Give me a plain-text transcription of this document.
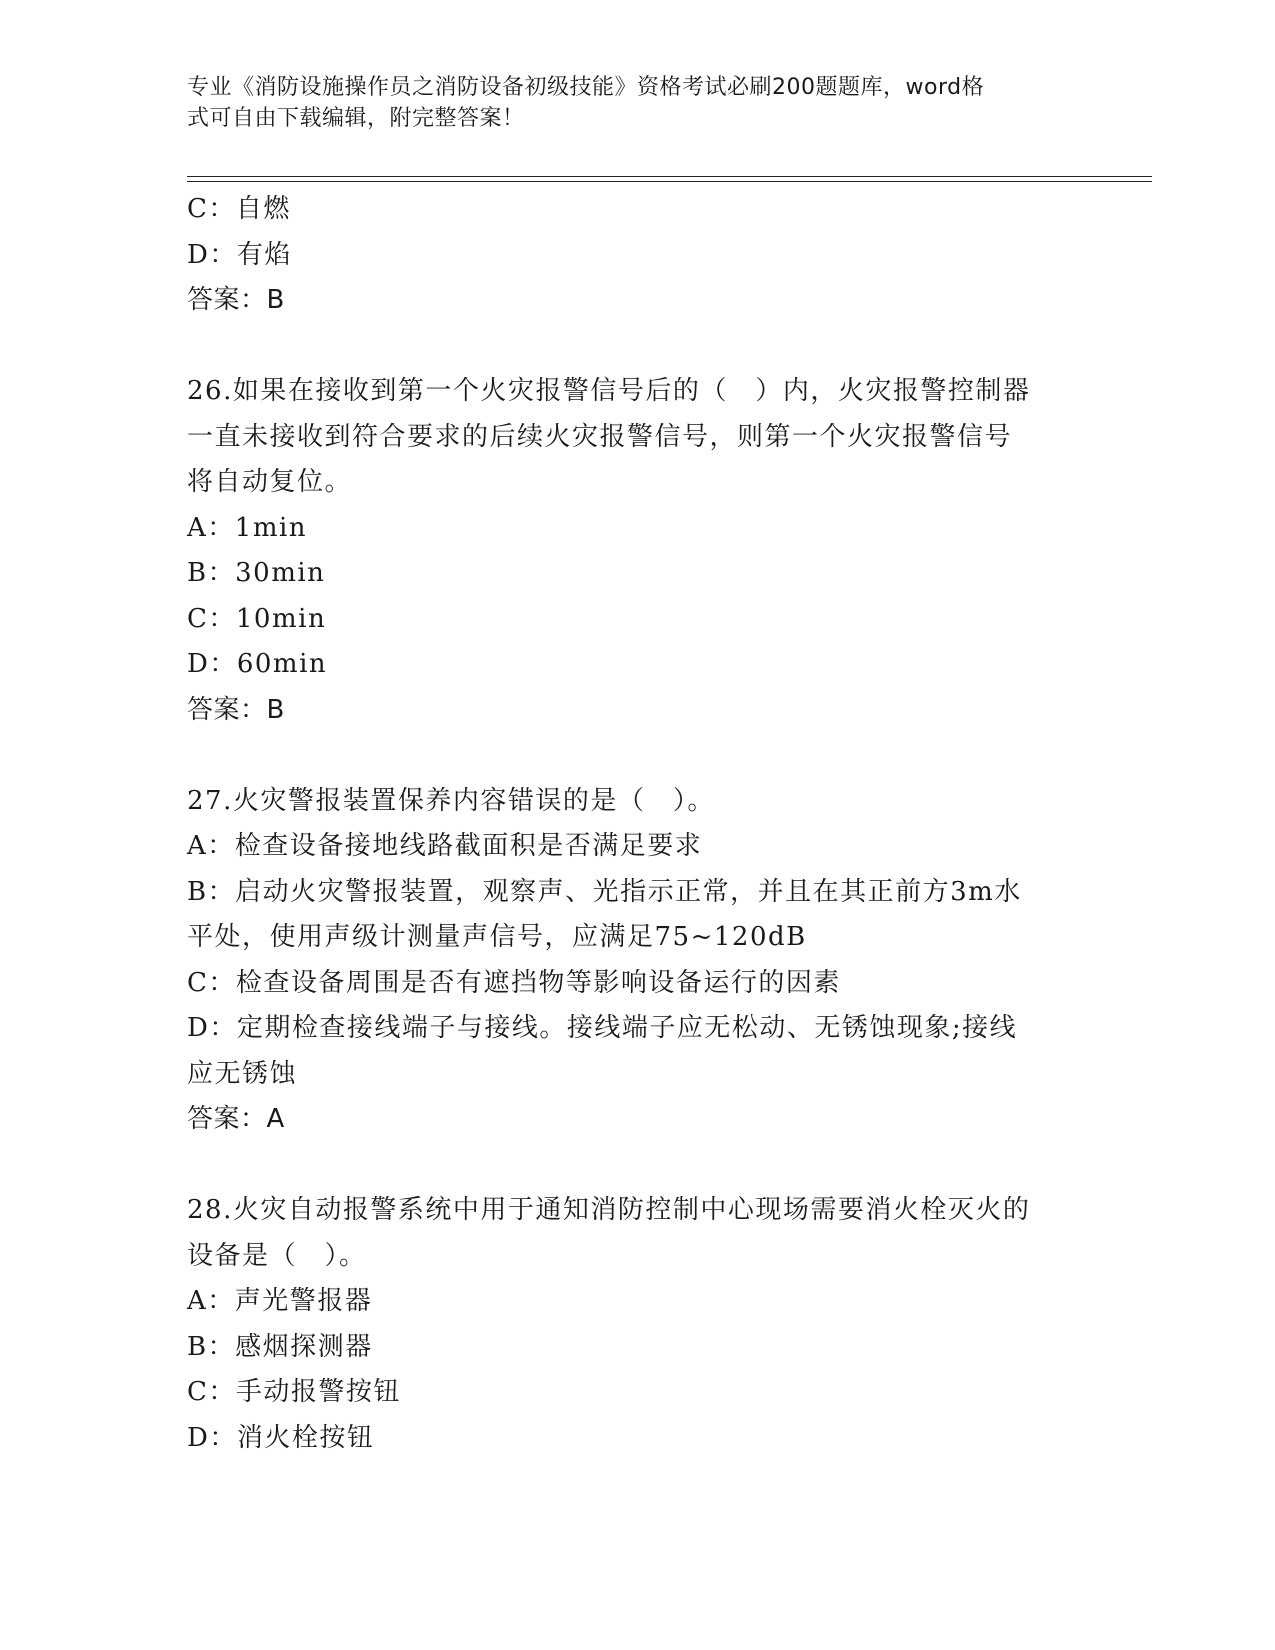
专业《消防设施操作员之消防设备初级技能》资格考试必刷200题题库，word格
式可自由下载编辑，附完整答案！
C：自燃
D：有焰
答案：B
26.如果在接收到第一个火灾报警信号后的（　）内，火灾报警控制器
一直未接收到符合要求的后续火灾报警信号，则第一个火灾报警信号
将自动复位。
A：1min
B：30min
C：10min
D：60min
答案：B
27.火灾警报装置保养内容错误的是（　）。
A：检查设备接地线路截面积是否满足要求
B：启动火灾警报装置，观察声、光指示正常，并且在其正前方3m水
平处，使用声级计测量声信号，应满足75~120dB
C：检查设备周围是否有遮挡物等影响设备运行的因素
D：定期检查接线端子与接线。接线端子应无松动、无锈蚀现象;接线
应无锈蚀
答案：A
28.火灾自动报警系统中用于通知消防控制中心现场需要消火栓灭火的
设备是（　）。
A：声光警报器
B：感烟探测器
C：手动报警按钮
D：消火栓按钮
